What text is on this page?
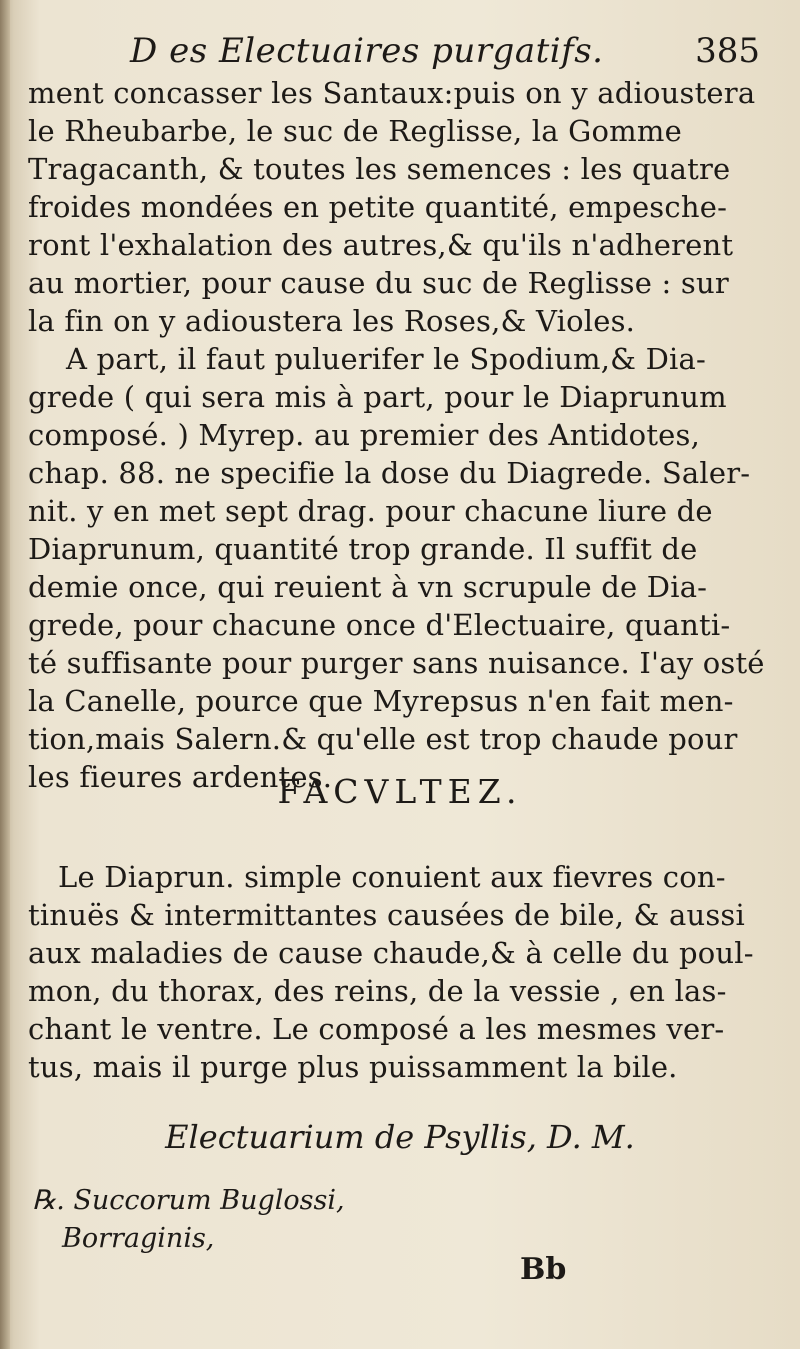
D es Electuaires purgatifs.	385
ment concasser les Santaux:puis on y adioustera
le Rheubarbe, le suc de Reglisse, la Gomme
Tragacanth, & toutes les semences : les quatre
froides mondées en petite quantité, empesche-
ront l'exhalation des autres,& qu'ils n'adherent
au mortier, pour cause du suc de Reglisse : sur
la fin on y adioustera les Roses,& Violes.
A part, il faut puluerifer le Spodium,& Dia-
grede ( qui sera mis à part, pour le Diaprunum
composé. ) Myrep. au premier des Antidotes,
chap. 88. ne specifie la dose du Diagrede. Saler-
nit. y en met sept drag. pour chacune liure de
Diaprunum, quantité trop grande. Il suffit de
demie once, qui reuient à vn scrupule de Dia-
grede, pour chacune once d'Electuaire, quanti-
té suffisante pour purger sans nuisance. I'ay osté
la Canelle, pource que Myrepsus n'en fait men-
tion,mais Salern.& qu'elle est trop chaude pour
les fieures ardentes.
FACVLTEZ.
Le Diaprun. simple conuient aux fievres con-
tinuës & intermittantes causées de bile, & aussi
aux maladies de cause chaude,& à celle du poul-
mon, du thorax, des reins, de la vessie , en las-
chant le ventre. Le composé a les mesmes ver-
tus, mais il purge plus puissamment la bile.
Electuarium de Psyllis, D. M.
℞. Succorum Buglossi,
Borraginis,
Bb
